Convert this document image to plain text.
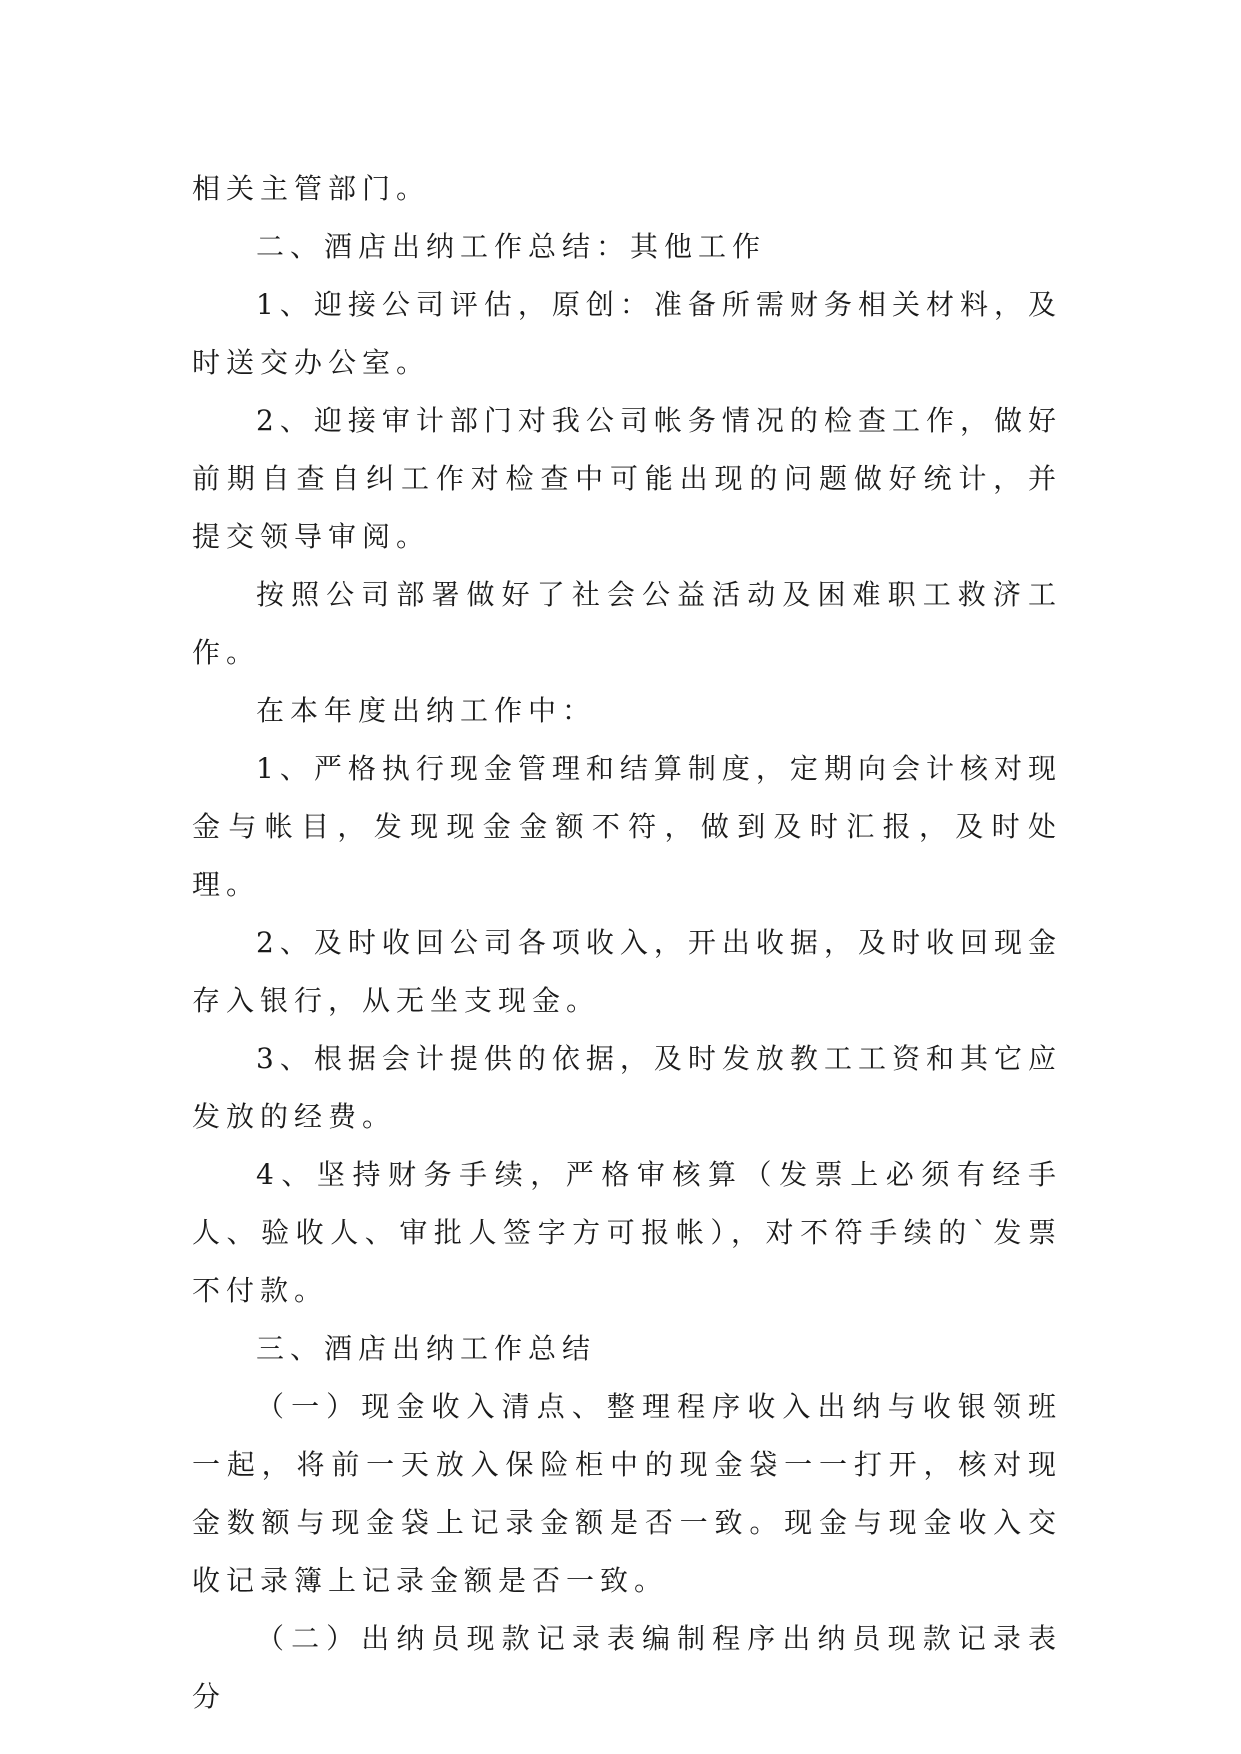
相关主管部门。

二、酒店出纳工作总结：其他工作

1、迎接公司评估，原创：准备所需财务相关材料，及时送交办公室。

2、迎接审计部门对我公司帐务情况的检查工作，做好前期自查自纠工作对检查中可能出现的问题做好统计，并提交领导审阅。

按照公司部署做好了社会公益活动及困难职工救济工作。

在本年度出纳工作中：

1、严格执行现金管理和结算制度，定期向会计核对现金与帐目，发现现金金额不符，做到及时汇报，及时处理。

2、及时收回公司各项收入，开出收据，及时收回现金存入银行，从无坐支现金。

3、根据会计提供的依据，及时发放教工工资和其它应发放的经费。

4、坚持财务手续，严格审核算（发票上必须有经手人、验收人、审批人签字方可报帐），对不符手续的`发票不付款。

三、酒店出纳工作总结

（一）现金收入清点、整理程序收入出纳与收银领班一起，将前一天放入保险柜中的现金袋一一打开，核对现金数额与现金袋上记录金额是否一致。现金与现金收入交收记录簿上记录金额是否一致。

（二）出纳员现款记录表编制程序出纳员现款记录表分
